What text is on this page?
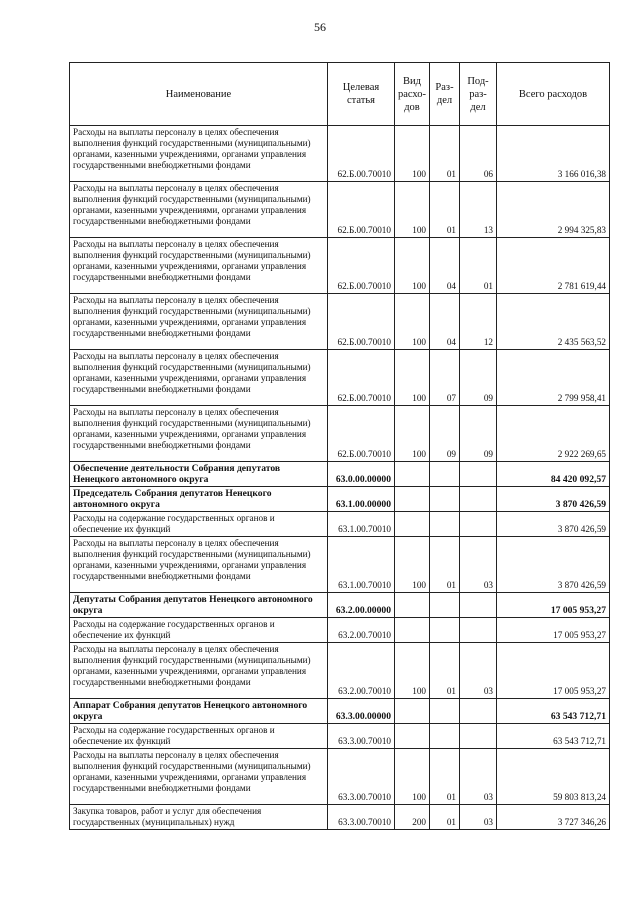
56
Наименование	Целевая статья	Вид расхо-дов	Раз-дел	Под-раз-дел	Всего расходов
Расходы на выплаты персоналу в целях обеспечения выполнения функций государственными (муниципальными) органами, казенными учреждениями, органами управления государственными внебюджетными фондами	62.Б.00.70010	100	01	06	3 166 016,38
Расходы на выплаты персоналу в целях обеспечения выполнения функций государственными (муниципальными) органами, казенными учреждениями, органами управления государственными внебюджетными фондами	62.Б.00.70010	100	01	13	2 994 325,83
Расходы на выплаты персоналу в целях обеспечения выполнения функций государственными (муниципальными) органами, казенными учреждениями, органами управления государственными внебюджетными фондами	62.Б.00.70010	100	04	01	2 781 619,44
Расходы на выплаты персоналу в целях обеспечения выполнения функций государственными (муниципальными) органами, казенными учреждениями, органами управления государственными внебюджетными фондами	62.Б.00.70010	100	04	12	2 435 563,52
Расходы на выплаты персоналу в целях обеспечения выполнения функций государственными (муниципальными) органами, казенными учреждениями, органами управления государственными внебюджетными фондами	62.Б.00.70010	100	07	09	2 799 958,41
Расходы на выплаты персоналу в целях обеспечения выполнения функций государственными (муниципальными) органами, казенными учреждениями, органами управления государственными внебюджетными фондами	62.Б.00.70010	100	09	09	2 922 269,65
Обеспечение деятельности Собрания депутатов Ненецкого автономного округа	63.0.00.00000				84 420 092,57
Председатель Собрания депутатов Ненецкого автономного округа	63.1.00.00000				3 870 426,59
Расходы на содержание государственных органов и обеспечение их функций	63.1.00.70010				3 870 426,59
Расходы на выплаты персоналу в целях обеспечения выполнения функций государственными (муниципальными) органами, казенными учреждениями, органами управления государственными внебюджетными фондами	63.1.00.70010	100	01	03	3 870 426,59
Депутаты Собрания депутатов Ненецкого автономного округа	63.2.00.00000				17 005 953,27
Расходы на содержание государственных органов и обеспечение их функций	63.2.00.70010				17 005 953,27
Расходы на выплаты персоналу в целях обеспечения выполнения функций государственными (муниципальными) органами, казенными учреждениями, органами управления государственными внебюджетными фондами	63.2.00.70010	100	01	03	17 005 953,27
Аппарат Собрания депутатов Ненецкого автономного округа	63.3.00.00000				63 543 712,71
Расходы на содержание государственных органов и обеспечение их функций	63.3.00.70010				63 543 712,71
Расходы на выплаты персоналу в целях обеспечения выполнения функций государственными (муниципальными) органами, казенными учреждениями, органами управления государственными внебюджетными фондами	63.3.00.70010	100	01	03	59 803 813,24
Закупка товаров, работ и услуг для обеспечения государственных (муниципальных) нужд	63.3.00.70010	200	01	03	3 727 346,26
